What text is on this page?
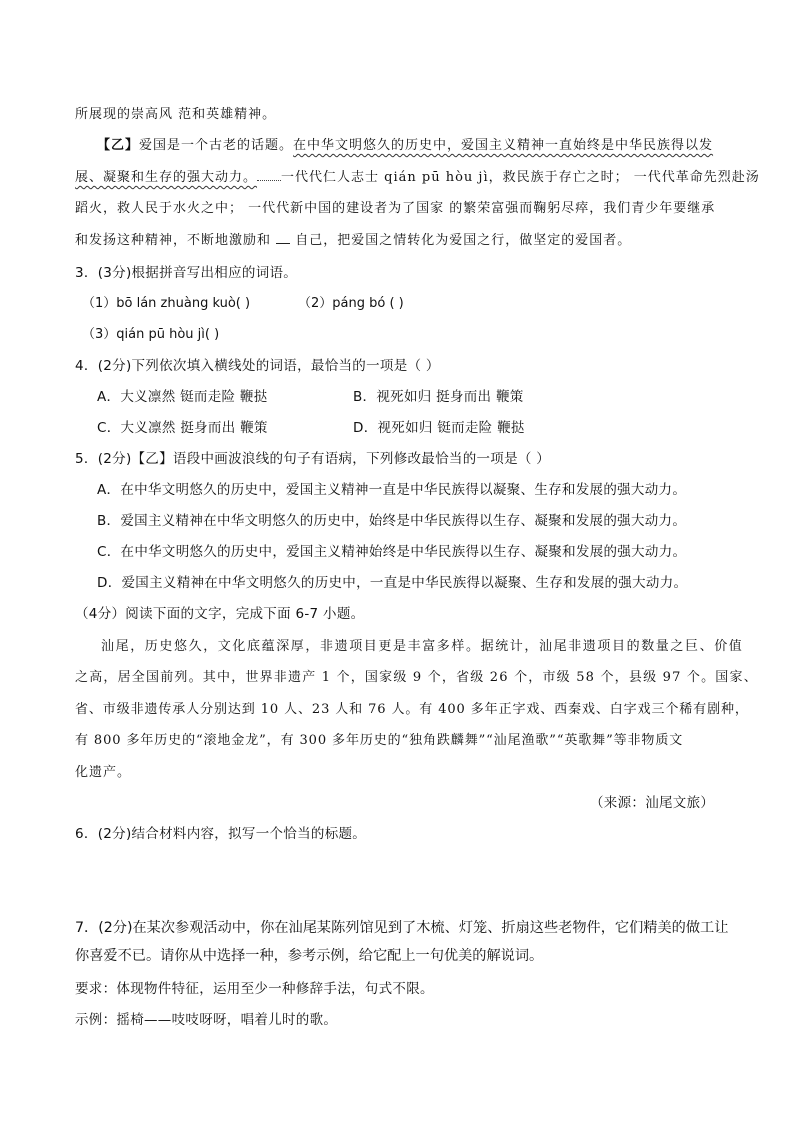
所展现的崇高风 范和英雄精神。
【乙】爱国是一个古老的话题。在中华文明悠久的历史中，爱国主义精神一直始终是中华民族得以发
展、凝聚和生存的强大动力。 一代代仁人志士 qián pū hòu jì，救民族于存亡之时； 一代代革命先烈赴汤
蹈火，救人民于水火之中； 一代代新中国的建设者为了国家 的繁荣富强而鞠躬尽瘁，我们青少年要继承
和发扬这种精神，不断地激励和 自己，把爱国之情转化为爱国之行，做坚定的爱国者。
3．(3分)根据拼音写出相应的词语。
（1）bō lán zhuàng kuò( )	（2）páng bó ( )
（3）qián pū hòu jì( )
4．(2分)下列依次填入横线处的词语，最恰当的一项是（ ）
A．大义凛然 铤而走险 鞭挞	B．视死如归 挺身而出 鞭策
C．大义凛然 挺身而出 鞭策	D．视死如归 铤而走险 鞭挞
5．(2分)【乙】语段中画波浪线的句子有语病，下列修改最恰当的一项是（ ）
A．在中华文明悠久的历史中，爱国主义精神一直是中华民族得以凝聚、生存和发展的强大动力。
B．爱国主义精神在中华文明悠久的历史中，始终是中华民族得以生存、凝聚和发展的强大动力。
C．在中华文明悠久的历史中，爱国主义精神始终是中华民族得以生存、凝聚和发展的强大动力。
D．爱国主义精神在中华文明悠久的历史中，一直是中华民族得以凝聚、生存和发展的强大动力。
（4分）阅读下面的文字，完成下面 6-7 小题。
汕尾，历史悠久，文化底蕴深厚，非遗项目更是丰富多样。据统计，汕尾非遗项目的数量之巨、价值
之高，居全国前列。其中，世界非遗产 1 个，国家级 9 个，省级 26 个，市级 58 个，县级 97 个。国家、
省、市级非遗传承人分别达到 10 人、23 人和 76 人。有 400 多年正字戏、西秦戏、白字戏三个稀有剧种，
有 800 多年历史的“滚地金龙”，有 300 多年历史的“独角跌麟舞”“汕尾渔歌”“英歌舞”等非物质文
化遗产。
（来源：汕尾文旅）
6．(2分)结合材料内容，拟写一个恰当的标题。
7．(2分)在某次参观活动中，你在汕尾某陈列馆见到了木梳、灯笼、折扇这些老物件，它们精美的做工让
你喜爱不已。请你从中选择一种，参考示例，给它配上一句优美的解说词。
要求：体现物件特征，运用至少一种修辞手法，句式不限。
示例：摇椅——吱吱呀呀，唱着儿时的歌。
